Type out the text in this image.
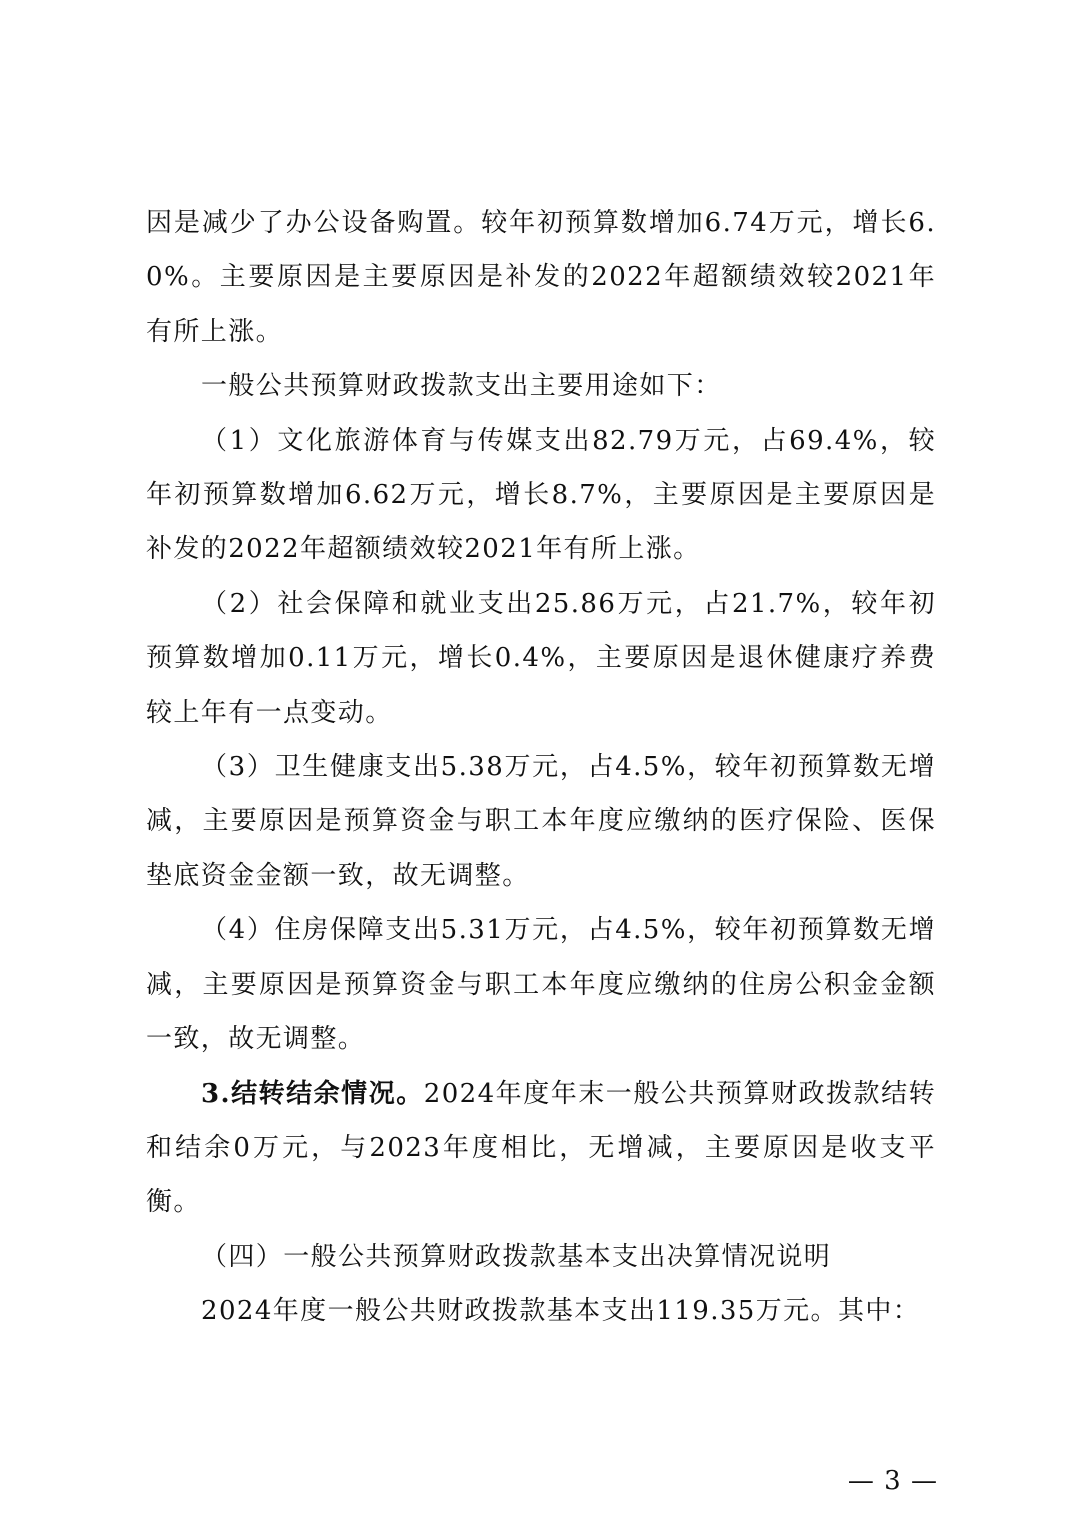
因是减少了办公设备购置。较年初预算数增加6.74万元，增长6.0%。主要原因是主要原因是补发的2022年超额绩效较2021年有所上涨。

一般公共预算财政拨款支出主要用途如下：

（1）文化旅游体育与传媒支出82.79万元，占69.4%，较年初预算数增加6.62万元，增长8.7%，主要原因是主要原因是补发的2022年超额绩效较2021年有所上涨。

（2）社会保障和就业支出25.86万元，占21.7%，较年初预算数增加0.11万元，增长0.4%，主要原因是退休健康疗养费较上年有一点变动。

（3）卫生健康支出5.38万元，占4.5%，较年初预算数无增减，主要原因是预算资金与职工本年度应缴纳的医疗保险、医保垫底资金金额一致，故无调整。

（4）住房保障支出5.31万元，占4.5%，较年初预算数无增减，主要原因是预算资金与职工本年度应缴纳的住房公积金金额一致，故无调整。

3.结转结余情况。2024年度年末一般公共预算财政拨款结转和结余0万元，与2023年度相比，无增减，主要原因是收支平衡。

（四）一般公共预算财政拨款基本支出决算情况说明

2024年度一般公共财政拨款基本支出119.35万元。其中：

— 3 —
